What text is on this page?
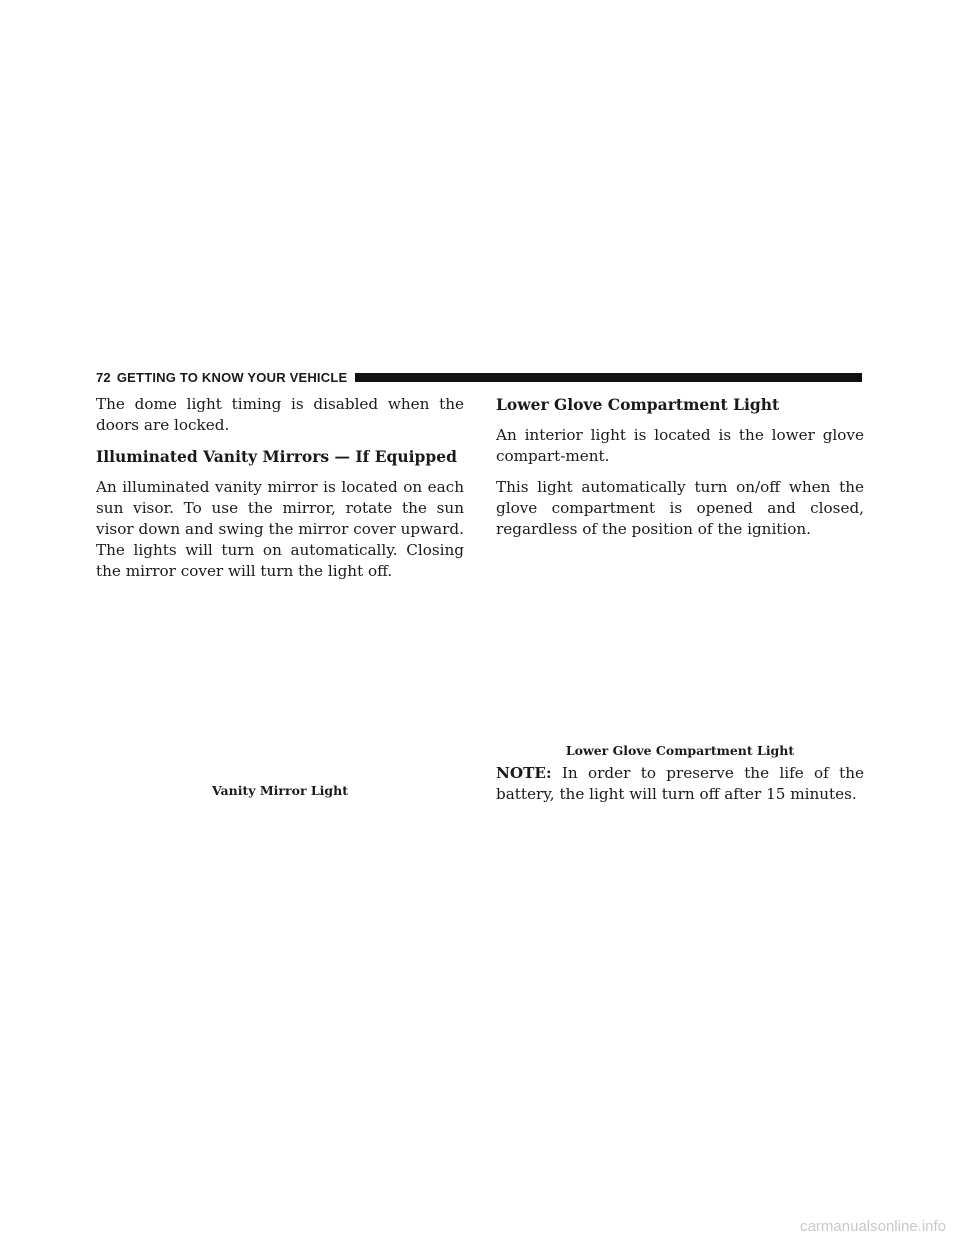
72 GETTING TO KNOW YOUR VEHICLE

The dome light timing is disabled when the doors are locked.

Illuminated Vanity Mirrors — If Equipped

An illuminated vanity mirror is located on each sun visor. To use the mirror, rotate the sun visor down and swing the mirror cover upward. The lights will turn on automatically. Closing the mirror cover will turn the light off.

Vanity Mirror Light
Lower Glove Compartment Light

An interior light is located is the lower glove compart-ment.

This light automatically turn on/off when the glove compartment is opened and closed, regardless of the position of the ignition.

Lower Glove Compartment Light

NOTE: In order to preserve the life of the battery, the light will turn off after 15 minutes.

carmanualsonline.info
